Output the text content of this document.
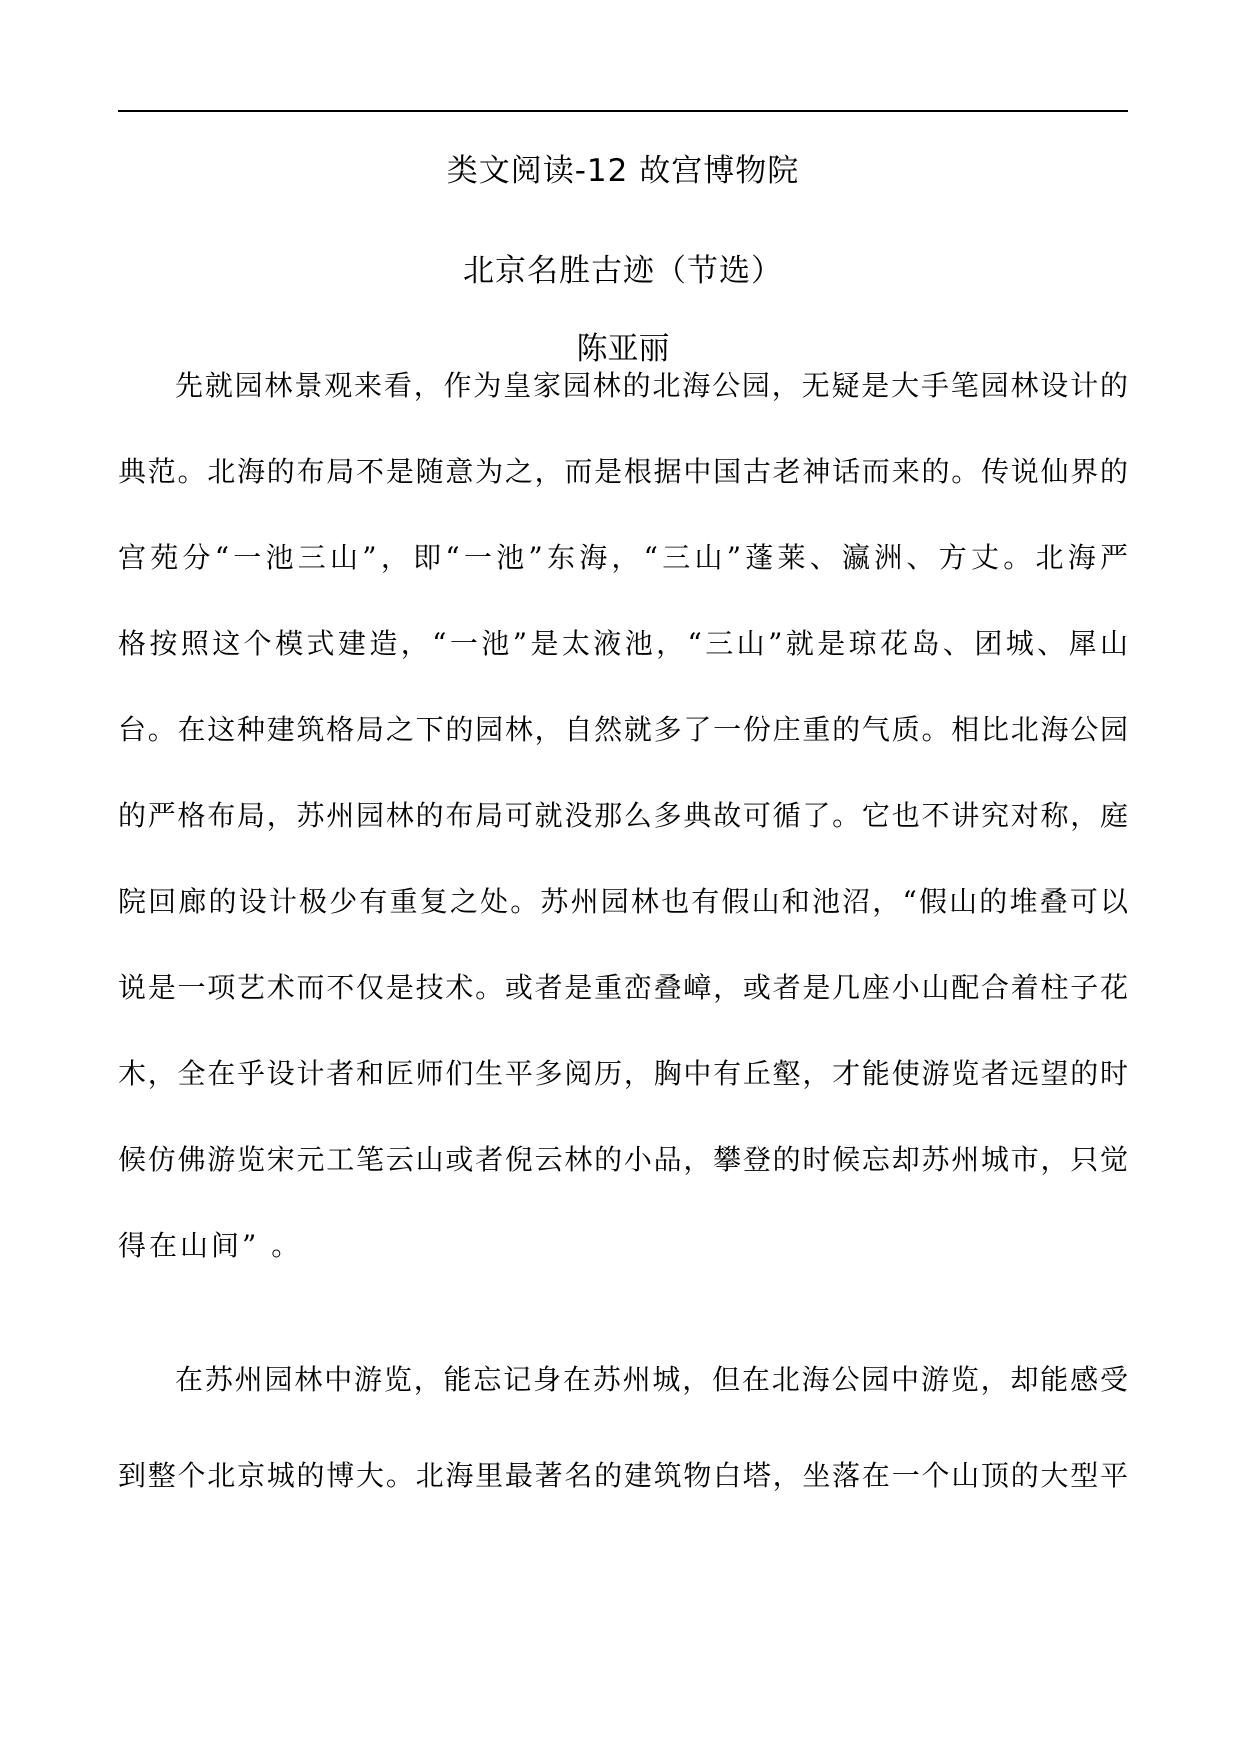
类文阅读-12 故宫博物院
北京名胜古迹（节选）
陈亚丽
先就园林景观来看，作为皇家园林的北海公园，无疑是大手笔园林设计的
典范。北海的布局不是随意为之，而是根据中国古老神话而来的。传说仙界的
宫苑分“一池三山”，即“一池”东海，“三山”蓬莱、瀛洲、方丈。北海严
格按照这个模式建造，“一池”是太液池，“三山”就是琼花岛、团城、犀山
台。在这种建筑格局之下的园林，自然就多了一份庄重的气质。相比北海公园
的严格布局，苏州园林的布局可就没那么多典故可循了。它也不讲究对称，庭
院回廊的设计极少有重复之处。苏州园林也有假山和池沼，“假山的堆叠可以
说是一项艺术而不仅是技术。或者是重峦叠嶂，或者是几座小山配合着柱子花
木，全在乎设计者和匠师们生平多阅历，胸中有丘壑，才能使游览者远望的时
候仿佛游览宋元工笔云山或者倪云林的小品，攀登的时候忘却苏州城市，只觉
得在山间” 。
在苏州园林中游览，能忘记身在苏州城，但在北海公园中游览，却能感受
到整个北京城的博大。北海里最著名的建筑物白塔，坐落在一个山顶的大型平
